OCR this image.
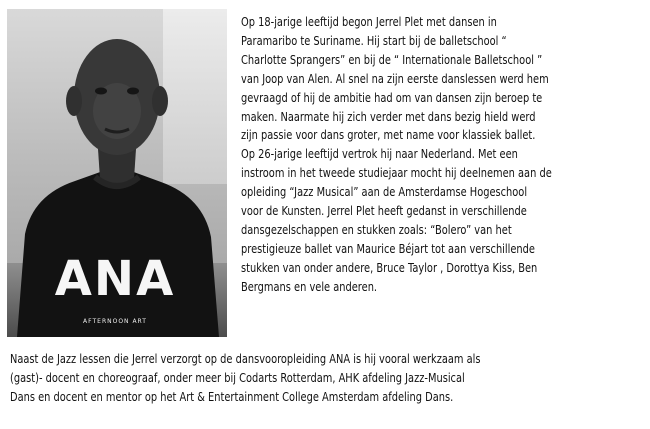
ANA
AFTERNOON ART
Op 18-jarige leeftijd begon Jerrel Plet met dansen in
Paramaribo te Suriname. Hij start bij de balletschool “
Charlotte Sprangers” en bij de “ Internationale Balletschool ”
van Joop van Alen. Al snel na zijn eerste danslessen werd hem
gevraagd of hij de ambitie had om van dansen zijn beroep te
maken. Naarmate hij zich verder met dans bezig hield werd
zijn passie voor dans groter, met name voor klassiek ballet.
Op 26-jarige leeftijd vertrok hij naar Nederland. Met een
instroom in het tweede studiejaar mocht hij deelnemen aan de
opleiding “Jazz Musical” aan de Amsterdamse Hogeschool
voor de Kunsten. Jerrel Plet heeft gedanst in verschillende
dansgezelschappen en stukken zoals: “Bolero” van het
prestigieuze ballet van Maurice Béjart tot aan verschillende
stukken van onder andere, Bruce Taylor , Dorottya Kiss, Ben
Bergmans en vele anderen.
Naast de Jazz lessen die Jerrel verzorgt op de dansvooropleiding ANA is hij vooral werkzaam als
(gast)- docent en choreograaf, onder meer bij Codarts Rotterdam, AHK afdeling Jazz-Musical
Dans en docent en mentor op het Art & Entertainment College Amsterdam afdeling Dans.
